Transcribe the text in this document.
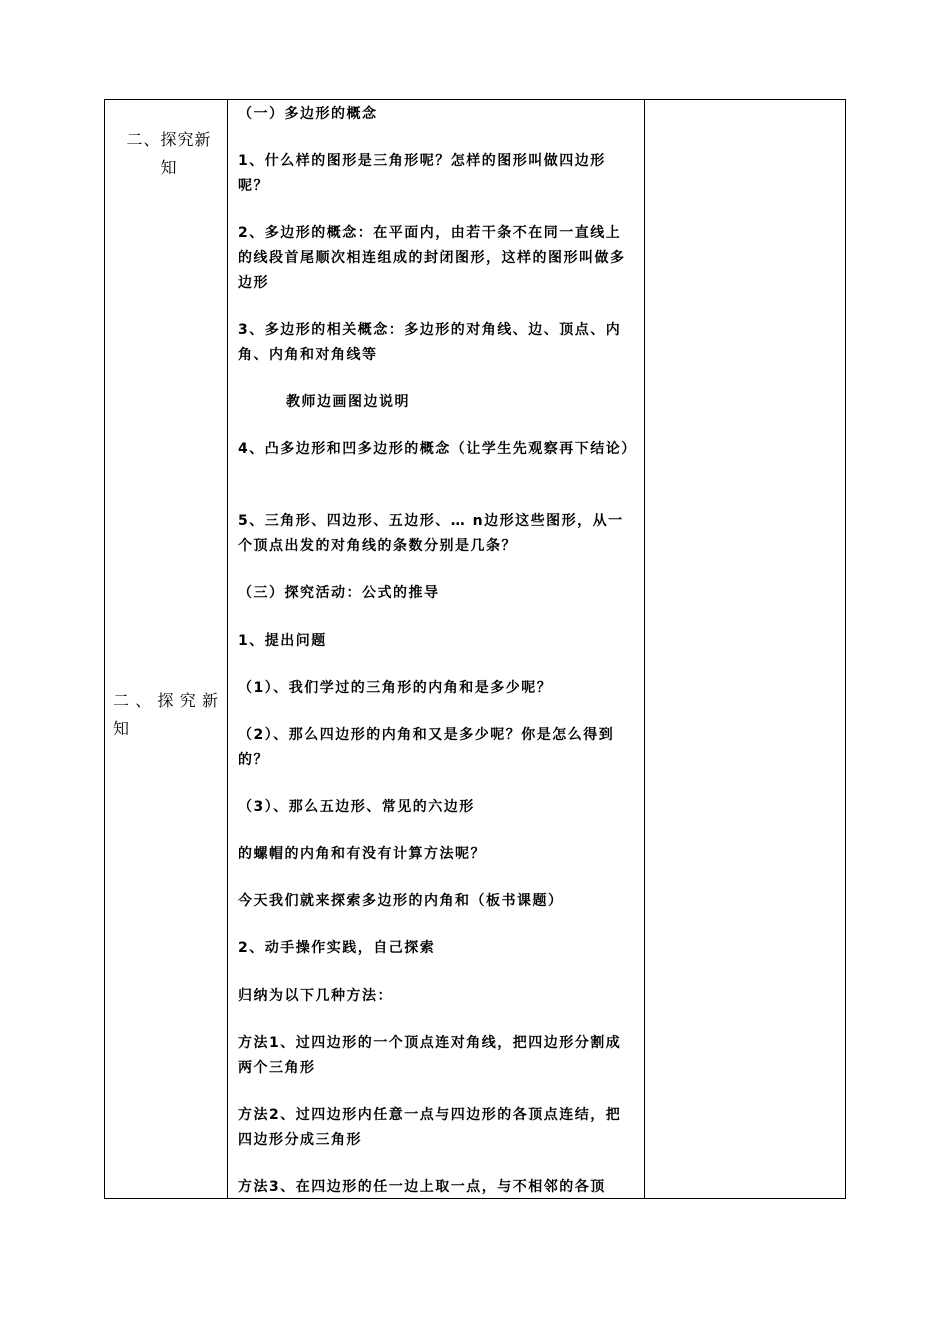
二、探究新知
二、探究新知
（一）多边形的概念
1、什么样的图形是三角形呢？怎样的图形叫做四边形呢？
2、多边形的概念：在平面内，由若干条不在同一直线上的线段首尾顺次相连组成的封闭图形，这样的图形叫做多边形
3、多边形的相关概念：多边形的对角线、边、顶点、内角、内角和对角线等
教师边画图边说明
4、凸多边形和凹多边形的概念（让学生先观察再下结论）
5、三角形、四边形、五边形、… n边形这些图形，从一个顶点出发的对角线的条数分别是几条？
（三）探究活动：公式的推导
1、提出问题
（1）、我们学过的三角形的内角和是多少呢？
（2）、那么四边形的内角和又是多少呢？你是怎么得到的？
（3）、那么五边形、常见的六边形
的螺帽的内角和有没有计算方法呢？
今天我们就来探索多边形的内角和（板书课题）
2、动手操作实践，自己探索
归纳为以下几种方法：
方法1、过四边形的一个顶点连对角线，把四边形分割成两个三角形
方法2、过四边形内任意一点与四边形的各顶点连结，把四边形分成三角形
方法3、在四边形的任一边上取一点，与不相邻的各顶
